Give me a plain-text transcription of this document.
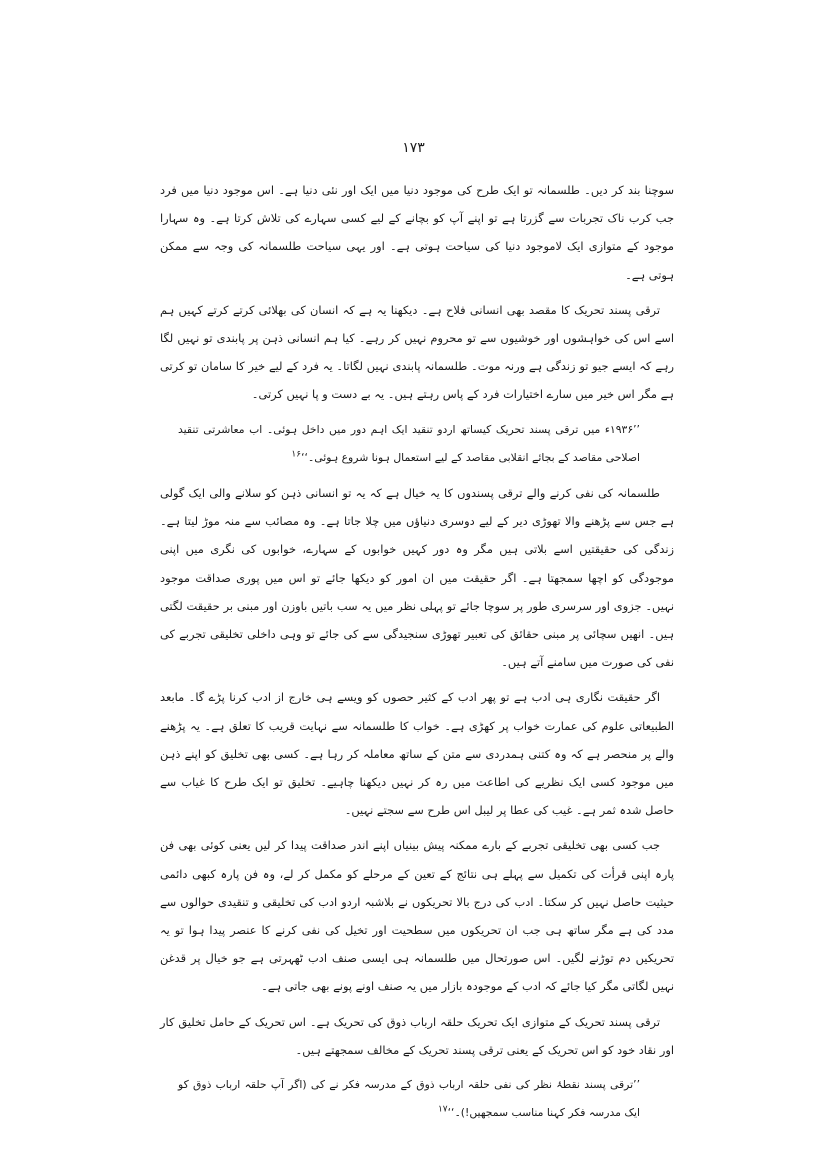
۱۷۳

سوچنا بند کر دیں۔ طلسمانہ تو ایک طرح کی موجود دنیا میں ایک اور نئی دنیا ہے۔ اس موجود دنیا میں فرد جب کرب ناک تجربات سے گزرتا ہے تو اپنے آپ کو بچانے کے لیے کسی سہارے کی تلاش کرتا ہے۔ وہ سہارا موجود کے متوازی ایک لاموجود دنیا کی سیاحت ہوتی ہے۔ اور یہی سیاحت طلسمانہ کی وجہ سے ممکن ہوتی ہے۔

ترقی پسند تحریک کا مقصد بھی انسانی فلاح ہے۔ دیکھنا یہ ہے کہ انسان کی بھلائی کرتے کرتے کہیں ہم اسے اس کی خواہشوں اور خوشیوں سے تو محروم نہیں کر رہے۔ کیا ہم انسانی ذہن پر پابندی تو نہیں لگا رہے کہ ایسے جیو تو زندگی ہے ورنہ موت۔ طلسمانہ پابندی نہیں لگاتا۔ یہ فرد کے لیے خیر کا سامان تو کرتی ہے مگر اس خیر میں سارے اختیارات فرد کے پاس رہتے ہیں۔ یہ بے دست و پا نہیں کرتی۔

’’۱۹۳۶ء میں ترقی پسند تحریک کیساتھ اردو تنقید ایک اہم دور میں داخل ہوئی۔ اب معاشرتی تنقید اصلاحی مقاصد کے بجائے انقلابی مقاصد کے لیے استعمال ہونا شروع ہوئی۔‘‘$^{۱۶}$

طلسمانہ کی نفی کرنے والے ترقی پسندوں کا یہ خیال ہے کہ یہ تو انسانی ذہن کو سلانے والی ایک گولی ہے جس سے پڑھنے والا تھوڑی دیر کے لیے دوسری دنیاؤں میں چلا جاتا ہے۔ وہ مصائب سے منہ موڑ لیتا ہے۔ زندگی کی حقیقتیں اسے بلاتی ہیں مگر وہ دور کہیں خوابوں کے سہارے، خوابوں کی نگری میں اپنی موجودگی کو اچھا سمجھتا ہے۔ اگر حقیقت میں ان امور کو دیکھا جائے تو اس میں پوری صداقت موجود نہیں۔ جزوی اور سرسری طور پر سوچا جائے تو پہلی نظر میں یہ سب باتیں باوزن اور مبنی بر حقیقت لگتی ہیں۔ انھیں سچائی پر مبنی حقائق کی تعبیر تھوڑی سنجیدگی سے کی جائے تو وہی داخلی تخلیقی تجربے کی نفی کی صورت میں سامنے آتے ہیں۔

اگر حقیقت نگاری ہی ادب ہے تو پھر ادب کے کثیر حصوں کو ویسے ہی خارج از ادب کرنا پڑے گا۔ مابعد الطبیعاتی علوم کی عمارت خواب پر کھڑی ہے۔ خواب کا طلسمانہ سے نہایت قریب کا تعلق ہے۔ یہ پڑھنے والے پر منحصر ہے کہ وہ کتنی ہمدردی سے متن کے ساتھ معاملہ کر رہا ہے۔ کسی بھی تخلیق کو اپنے ذہن میں موجود کسی ایک نظریے کی اطاعت میں رہ کر نہیں دیکھنا چاہیے۔ تخلیق تو ایک طرح کا غیاب سے حاصل شدہ ثمر ہے۔ غیب کی عطا پر لیبل اس طرح سے سجتے نہیں۔

جب کسی بھی تخلیقی تجربے کے بارے ممکنہ پیش بینیاں اپنے اندر صداقت پیدا کر لیں یعنی کوئی بھی فن پارہ اپنی قرأت کی تکمیل سے پہلے ہی نتائج کے تعین کے مرحلے کو مکمل کر لے، وہ فن پارہ کبھی دائمی حیثیت حاصل نہیں کر سکتا۔ ادب کی درج بالا تحریکوں نے بلاشبہ اردو ادب کی تخلیقی و تنقیدی حوالوں سے مدد کی ہے مگر ساتھ ہی جب ان تحریکوں میں سطحیت اور تخیل کی نفی کرنے کا عنصر پیدا ہوا تو یہ تحریکیں دم توڑنے لگیں۔ اس صورتحال میں طلسمانہ ہی ایسی صنف ادب ٹھہرتی ہے جو خیال پر قدغن نہیں لگاتی مگر کیا جائے کہ ادب کے موجودہ بازار میں یہ صنف اونے پونے بھی جاتی ہے۔

ترقی پسند تحریک کے متوازی ایک تحریک حلقہ ارباب ذوق کی تحریک ہے۔ اس تحریک کے حامل تخلیق کار اور نقاد خود کو اس تحریک کے یعنی ترقی پسند تحریک کے مخالف سمجھتے ہیں۔

’’ترقی پسند نقطۂ نظر کی نفی حلقہ ارباب ذوق کے مدرسہ فکر نے کی (اگر آپ حلقہ ارباب ذوق کو ایک مدرسہ فکر کہنا مناسب سمجھیں!)۔‘‘$^{۱۷}$
